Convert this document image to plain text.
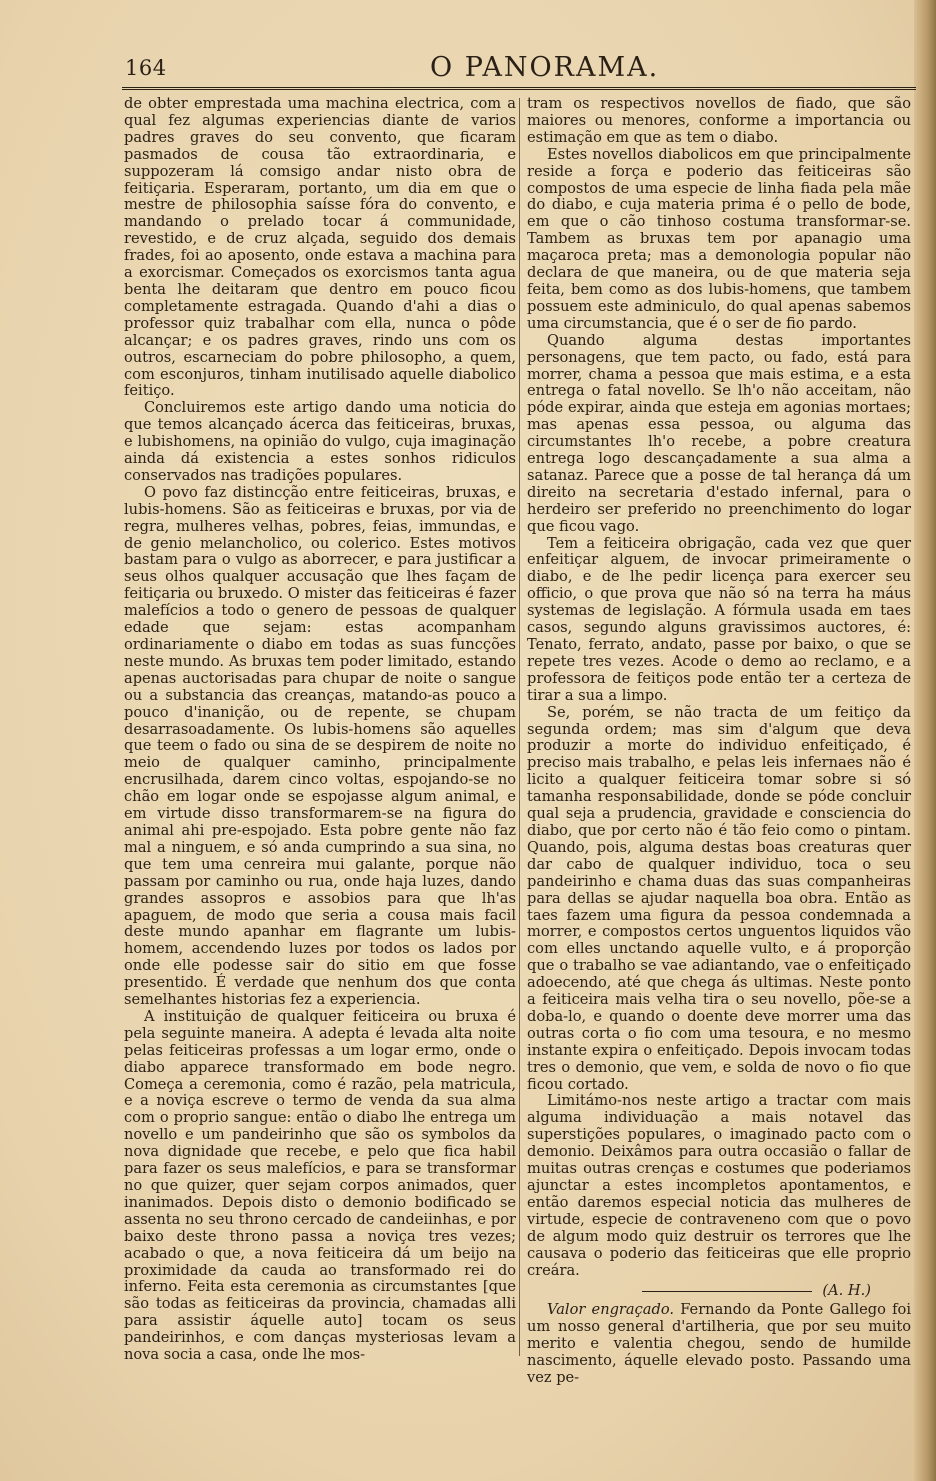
164	O PANORAMA.

de obter emprestada uma machina electrica, com a qual fez algumas experiencias diante de varios padres graves do seu convento, que ficaram pasmados de cousa tão extraordinaria, e suppozeram lá comsigo andar nisto obra de feitiçaria. Esperaram, portanto, um dia em que o mestre de philosophia saísse fóra do convento, e mandando o prelado tocar á communidade, revestido, e de cruz alçada, seguido dos demais frades, foi ao aposento, onde estava a machina para a exorcismar. Começados os exorcismos tanta agua benta lhe deitaram que dentro em pouco ficou completamente estragada. Quando d'ahi a dias o professor quiz trabalhar com ella, nunca o pôde alcançar; e os padres graves, rindo uns com os outros, escarneciam do pobre philosopho, a quem, com esconjuros, tinham inutilisado aquelle diabolico feitiço.

Concluiremos este artigo dando uma noticia do que temos alcançado ácerca das feiticeiras, bruxas, e lubishomens, na opinião do vulgo, cuja imaginação ainda dá existencia a estes sonhos ridiculos conservados nas tradições populares.

O povo faz distincção entre feiticeiras, bruxas, e lubis-homens. São as feiticeiras e bruxas, por via de regra, mulheres velhas, pobres, feias, immundas, e de genio melancholico, ou colerico. Estes motivos bastam para o vulgo as aborrecer, e para justificar a seus olhos qualquer accusação que lhes façam de feitiçaria ou bruxedo. O mister das feiticeiras é fazer malefícios a todo o genero de pessoas de qualquer edade que sejam: estas acompanham ordinariamente o diabo em todas as suas funcções neste mundo. As bruxas tem poder limitado, estando apenas auctorisadas para chupar de noite o sangue ou a substancia das creanças, matando-as pouco a pouco d'inanição, ou de repente, se chupam desarrasoadamente. Os lubis-homens são aquelles que teem o fado ou sina de se despirem de noite no meio de qualquer caminho, principalmente encrusilhada, darem cinco voltas, espojando-se no chão em logar onde se espojasse algum animal, e em virtude disso transformarem-se na figura do animal ahi pre-espojado. Esta pobre gente não faz mal a ninguem, e só anda cumprindo a sua sina, no que tem uma cenreira mui galante, porque não passam por caminho ou rua, onde haja luzes, dando grandes assopros e assobios para que lh'as apaguem, de modo que seria a cousa mais facil deste mundo apanhar em flagrante um lubis-homem, accendendo luzes por todos os lados por onde elle podesse sair do sitio em que fosse presentido. É verdade que nenhum dos que conta semelhantes historias fez a experiencia.

A instituição de qualquer feiticeira ou bruxa é pela seguinte maneira. A adepta é levada alta noite pelas feiticeiras professas a um logar ermo, onde o diabo apparece transformado em bode negro. Começa a ceremonia, como é razão, pela matricula, e a noviça escreve o termo de venda da sua alma com o proprio sangue: então o diabo lhe entrega um novello e um pandeirinho que são os symbolos da nova dignidade que recebe, e pelo que fica habil para fazer os seus malefícios, e para se transformar no que quizer, quer sejam corpos animados, quer inanimados. Depois disto o demonio bodificado se assenta no seu throno cercado de candeiinhas, e por baixo deste throno passa a noviça tres vezes; acabado o que, a nova feiticeira dá um beijo na proximidade da cauda ao transformado rei do inferno. Feita esta ceremonia as circumstantes [que são todas as feiticeiras da provincia, chamadas alli para assistir áquelle auto] tocam os seus pandeirinhos, e com danças mysteriosas levam a nova socia a casa, onde lhe mos-

tram os respectivos novellos de fiado, que são maiores ou menores, conforme a importancia ou estimação em que as tem o diabo.

Estes novellos diabolicos em que principalmente reside a força e poderio das feiticeiras são compostos de uma especie de linha fiada pela mãe do diabo, e cuja materia prima é o pello de bode, em que o cão tinhoso costuma transformar-se. Tambem as bruxas tem por apanagio uma maçaroca preta; mas a demonologia popular não declara de que maneira, ou de que materia seja feita, bem como as dos lubis-homens, que tambem possuem este adminiculo, do qual apenas sabemos uma circumstancia, que é o ser de fio pardo.

Quando alguma destas importantes personagens, que tem pacto, ou fado, está para morrer, chama a pessoa que mais estima, e a esta entrega o fatal novello. Se lh'o não acceitam, não póde expirar, ainda que esteja em agonias mortaes; mas apenas essa pessoa, ou alguma das circumstantes lh'o recebe, a pobre creatura entrega logo descançadamente a sua alma a satanaz. Parece que a posse de tal herança dá um direito na secretaria d'estado infernal, para o herdeiro ser preferido no preenchimento do logar que ficou vago.

Tem a feiticeira obrigação, cada vez que quer enfeitiçar alguem, de invocar primeiramente o diabo, e de lhe pedir licença para exercer seu officio, o que prova que não só na terra ha máus systemas de legislação. A fórmula usada em taes casos, segundo alguns gravissimos auctores, é: Tenato, ferrato, andato, passe por baixo, o que se repete tres vezes. Acode o demo ao reclamo, e a professora de feitiços pode então ter a certeza de tirar a sua a limpo.

Se, porém, se não tracta de um feitiço da segunda ordem; mas sim d'algum que deva produzir a morte do individuo enfeitiçado, é preciso mais trabalho, e pelas leis infernaes não é licito a qualquer feiticeira tomar sobre si só tamanha responsabilidade, donde se póde concluir qual seja a prudencia, gravidade e consciencia do diabo, que por certo não é tão feio como o pintam. Quando, pois, alguma destas boas creaturas quer dar cabo de qualquer individuo, toca o seu pandeirinho e chama duas das suas companheiras para dellas se ajudar naquella boa obra. Então as taes fazem uma figura da pessoa condemnada a morrer, e compostos certos unguentos liquidos vão com elles unctando aquelle vulto, e á proporção que o trabalho se vae adiantando, vae o enfeitiçado adoecendo, até que chega ás ultimas. Neste ponto a feiticeira mais velha tira o seu novello, põe-se a doba-lo, e quando o doente deve morrer uma das outras corta o fio com uma tesoura, e no mesmo instante expira o enfeitiçado. Depois invocam todas tres o demonio, que vem, e solda de novo o fio que ficou cortado.

Limitámo-nos neste artigo a tractar com mais alguma individuação a mais notavel das superstições populares, o imaginado pacto com o demonio. Deixâmos para outra occasião o fallar de muitas outras crenças e costumes que poderiamos ajunctar a estes incompletos apontamentos, e então daremos especial noticia das mulheres de virtude, especie de contraveneno com que o povo de algum modo quiz destruir os terrores que lhe causava o poderio das feiticeiras que elle proprio creára.

(A. H.)

Valor engraçado. Fernando da Ponte Gallego foi um nosso general d'artilheria, que por seu muito merito e valentia chegou, sendo de humilde nascimento, áquelle elevado posto. Passando uma vez pe-
